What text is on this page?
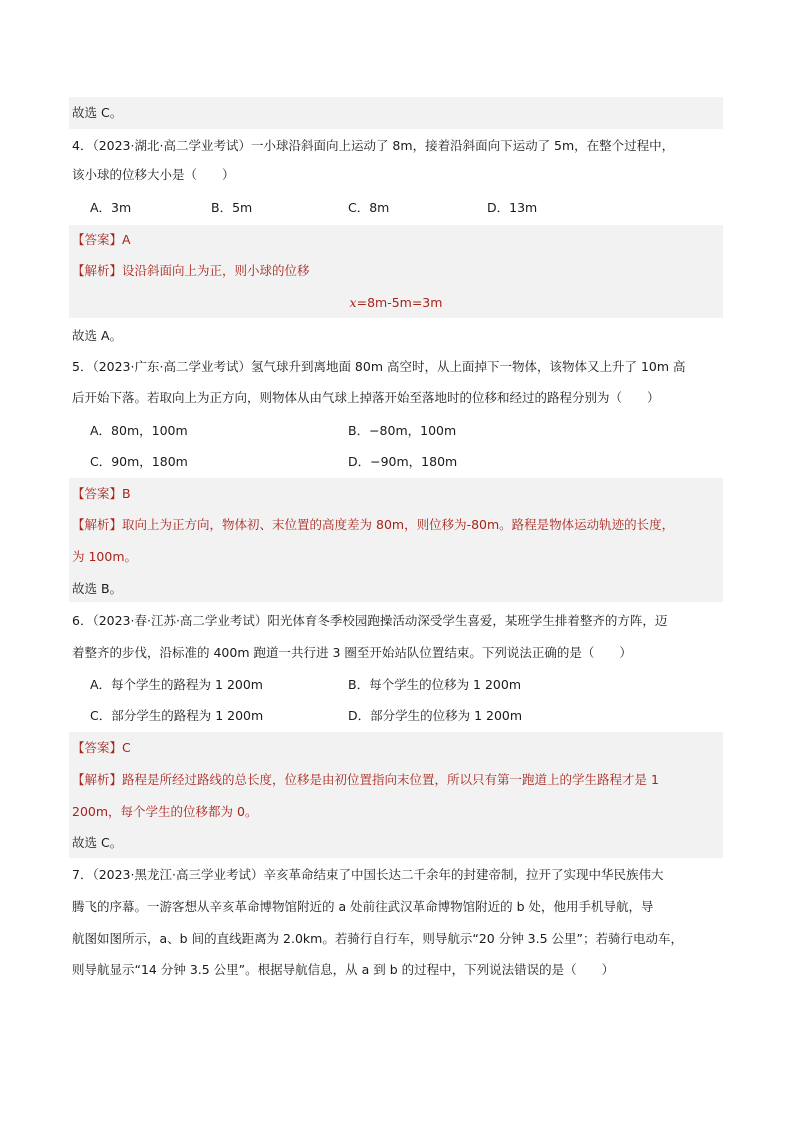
故选 C。
4．（2023·湖北·高二学业考试）一小球沿斜面向上运动了 8m，接着沿斜面向下运动了 5m，在整个过程中，
该小球的位移大小是（　　）
A．3m	B．5m	C．8m	D．13m
【答案】A
【解析】设沿斜面向上为正，则小球的位移
x=8m-5m=3m
故选 A。
5．（2023·广东·高二学业考试）氢气球升到离地面 80m 高空时，从上面掉下一物体，该物体又上升了 10m 高
后开始下落。若取向上为正方向，则物体从由气球上掉落开始至落地时的位移和经过的路程分别为（　　）
A．80m，100m	B．−80m，100m
C．90m，180m	D．−90m，180m
【答案】B
【解析】取向上为正方向，物体初、末位置的高度差为 80m，则位移为-80m。路程是物体运动轨迹的长度，
为 100m。
故选 B。
6．（2023·春·江苏·高二学业考试）阳光体育冬季校园跑操活动深受学生喜爱，某班学生排着整齐的方阵，迈
着整齐的步伐，沿标准的 400m 跑道一共行进 3 圈至开始站队位置结束。下列说法正确的是（　　）
A．每个学生的路程为 1 200m	B．每个学生的位移为 1 200m
C．部分学生的路程为 1 200m	D．部分学生的位移为 1 200m
【答案】C
【解析】路程是所经过路线的总长度，位移是由初位置指向末位置，所以只有第一跑道上的学生路程才是 1
200m，每个学生的位移都为 0。
故选 C。
7．（2023·黑龙江·高三学业考试）辛亥革命结束了中国长达二千余年的封建帝制，拉开了实现中华民族伟大
腾飞的序幕。一游客想从辛亥革命博物馆附近的 a 处前往武汉革命博物馆附近的 b 处，他用手机导航，导
航图如图所示，a、b 间的直线距离为 2.0km。若骑行自行车，则导航示“20 分钟 3.5 公里”；若骑行电动车，
则导航显示“14 分钟 3.5 公里”。根据导航信息，从 a 到 b 的过程中，下列说法错误的是（　　）
